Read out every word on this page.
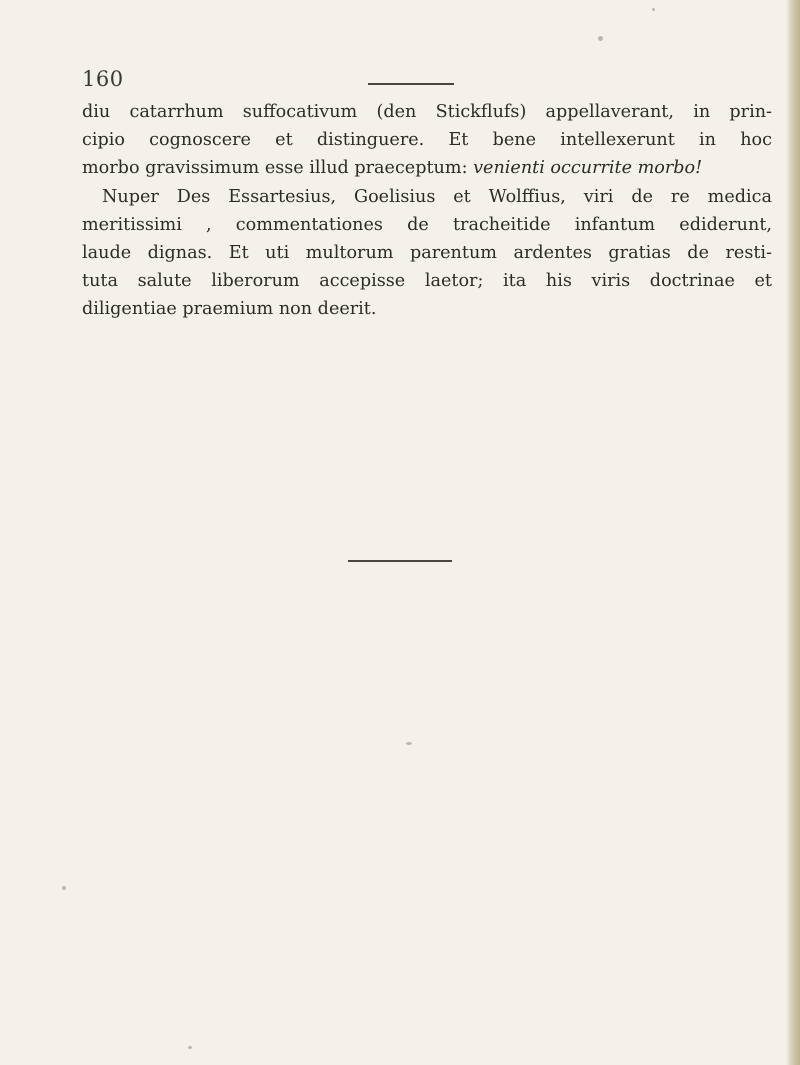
160
diu catarrhum suffocativum (den Stickflufs) appellaverant, in prin-
cipio cognoscere et distinguere. Et bene intellexerunt in hoc
morbo gravissimum esse illud praeceptum: venienti occurrite morbo!
Nuper Des Essartesius, Goelisius et Wolffius, viri de re medica
meritissimi , commentationes de tracheitide infantum ediderunt,
laude dignas. Et uti multorum parentum ardentes gratias de resti-
tuta salute liberorum accepisse laetor; ita his viris doctrinae et
diligentiae praemium non deerit.
